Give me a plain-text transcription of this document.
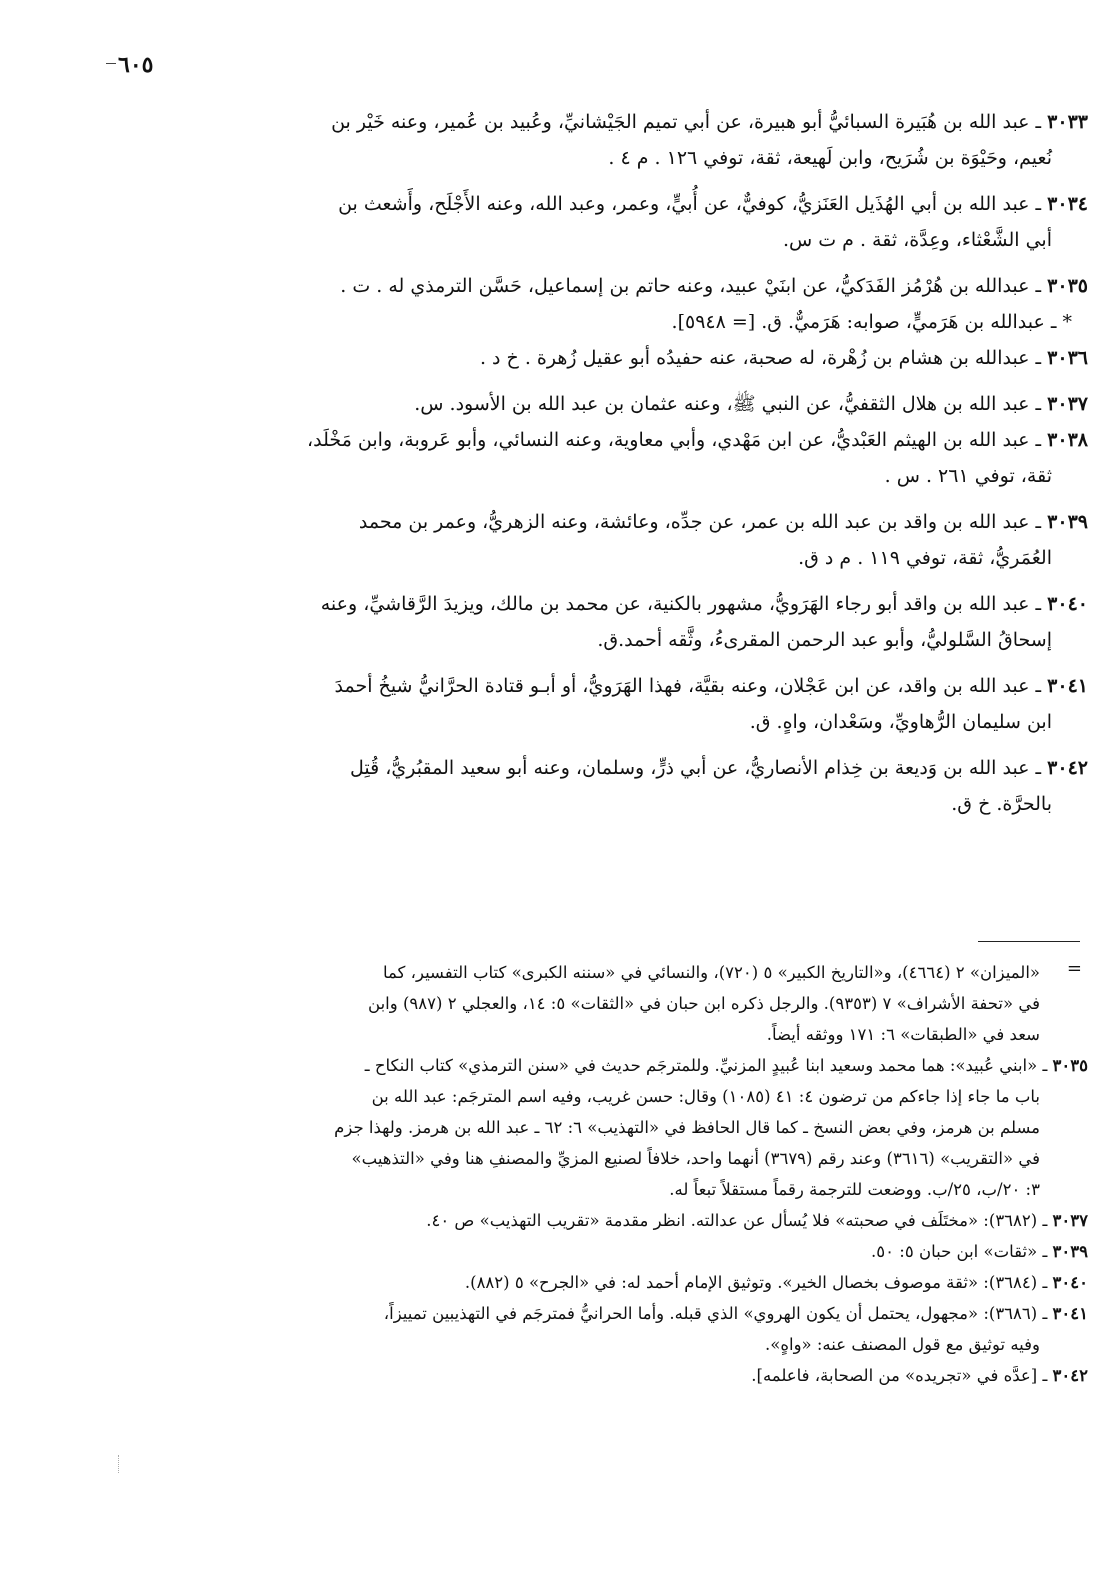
٦٠٥

٣٠٣٣ ـ عبد الله بن هُبَيرة السبائيُّ أبو هبيرة، عن أبي تميم الجَيْشانيِّ، وعُبيد بن عُمير، وعنه خَيْر بن
نُعيم، وحَيْوَة بن شُرَيح، وابن لَهيعة، ثقة، توفي ١٢٦ . م ٤ .

٣٠٣٤ ـ عبد الله بن أبي الهُذَيل العَنَزيُّ، كوفيٌّ، عن أُبيٍّ، وعمر، وعبد الله، وعنه الأَجْلَح، وأَشعث بن
أبي الشَّعْثاء، وعِدَّة، ثقة . م ت س.

٣٠٣٥ ـ عبدالله بن هُرْمُز الفَدَكيُّ، عن ابنَيْ عبيد، وعنه حاتم بن إسماعيل، حَسَّن الترمذي له . ت .

* ـ عبدالله بن هَرَميٍّ، صوابه: هَرَميٌّ. ق. [= ٥٩٤٨].

٣٠٣٦ ـ عبدالله بن هشام بن زُهْرة، له صحبة، عنه حفيدُه أبو عقيل زُهرة . خ د .

٣٠٣٧ ـ عبد الله بن هلال الثقفيُّ، عن النبي ﷺ، وعنه عثمان بن عبد الله بن الأسود. س.

٣٠٣٨ ـ عبد الله بن الهيثم العَبْديُّ، عن ابن مَهْدي، وأبي معاوية، وعنه النسائي، وأبو عَروبة، وابن مَخْلَد،
ثقة، توفي ٢٦١ . س .

٣٠٣٩ ـ عبد الله بن واقد بن عبد الله بن عمر، عن جدِّه، وعائشة، وعنه الزهريُّ، وعمر بن محمد
العُمَريُّ، ثقة، توفي ١١٩ . م د ق.

٣٠٤٠ ـ عبد الله بن واقد أبو رجاء الهَرَويُّ، مشهور بالكنية، عن محمد بن مالك، ويزيدَ الرَّقاشيِّ، وعنه
إسحاقُ السَّلوليُّ، وأبو عبد الرحمن المقرىءُ، وثَّقه أحمد.ق.

٣٠٤١ ـ عبد الله بن واقد، عن ابن عَجْلان، وعنه بقيَّة، فهذا الهَرَويُّ، أو أبـو قتادة الحرَّانيُّ شيخُ أحمدَ
ابن سليمان الرُّهاويِّ، وسَعْدان، واهٍ. ق.

٣٠٤٢ ـ عبد الله بن وَديعة بن خِذام الأنصاريُّ، عن أبي ذرٍّ، وسلمان، وعنه أبو سعيد المقبُريُّ، قُتِل
بالحرَّة. خ ق.

=

«الميزان» ٢ (٤٦٦٤)، و«التاريخ الكبير» ٥ (٧٢٠)، والنسائي في «سننه الكبرى» كتاب التفسير، كما
في «تحفة الأشراف» ٧ (٩٣٥٣). والرجل ذكره ابن حبان في «الثقات» ٥: ١٤، والعجلي ٢ (٩٨٧) وابن
سعد في «الطبقات» ٦: ١٧١ ووثقه أيضاً.

٣٠٣٥ ـ «ابني عُبيد»: هما محمد وسعيد ابنا عُبيدٍ المزنيِّ. وللمترجَم حديث في «سنن الترمذي» كتاب النكاح ـ
باب ما جاء إذا جاءكم من ترضون ٤: ٤١ (١٠٨٥) وقال: حسن غريب، وفيه اسم المترجَم: عبد الله بن
مسلم بن هرمز، وفي بعض النسخ ـ كما قال الحافظ في «التهذيب» ٦: ٦٢ ـ عبد الله بن هرمز. ولهذا جزم
في «التقريب» (٣٦١٦) وعند رقم (٣٦٧٩) أنهما واحد، خلافاً لصنيع المزيِّ والمصنفِ هنا وفي «التذهيب»
٣: ٢٠/ب، ٢٥/ب. ووضعت للترجمة رقماً مستقلاً تبعاً له.

٣٠٣٧ ـ (٣٦٨٢): «مختَلَف في صحبته» فلا يُسأل عن عدالته. انظر مقدمة «تقريب التهذيب» ص ٤٠.

٣٠٣٩ ـ «ثقات» ابن حبان ٥: ٥٠.

٣٠٤٠ ـ (٣٦٨٤): «ثقة موصوف بخصال الخير». وتوثيق الإمام أحمد له: في «الجرح» ٥ (٨٨٢).

٣٠٤١ ـ (٣٦٨٦): «مجهول، يحتمل أن يكون الهروي» الذي قبله. وأما الحرانيُّ فمترجَم في التهذيبين تمييزاً،
وفيه توثيق مع قول المصنف عنه: «واهٍ».

٣٠٤٢ ـ [عدَّه في «تجريده» من الصحابة، فاعلمه].
